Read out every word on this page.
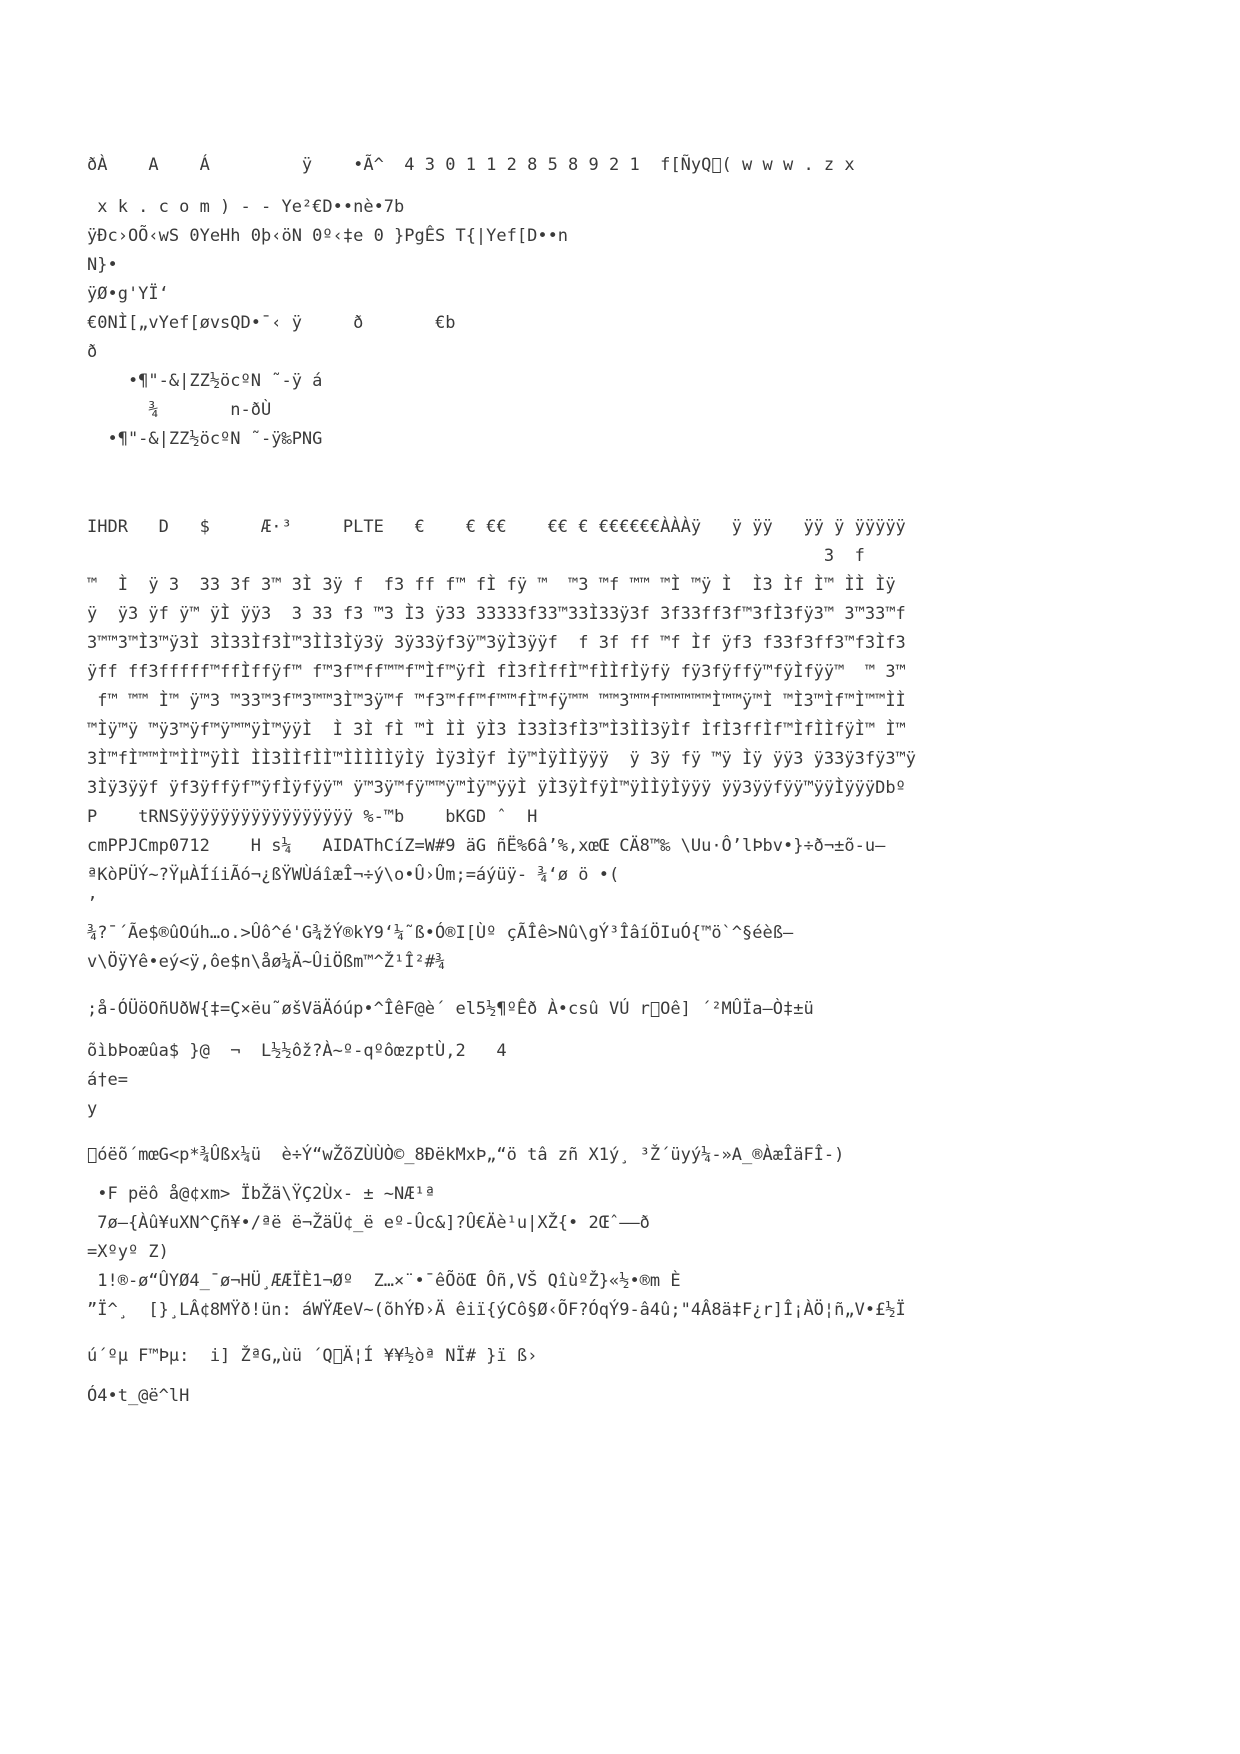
ðÀ    A    Á         ÿ    •Ã^  4 3 0 1 1 2 8 5 8 9 2 1  f[ÑyQ ( w w w . z x
x k . c o m ) - - Ye²€D••nè•7b
ÿÐc›OÕ‹wS 0YeHh 0þ‹öN 0º‹‡e 0 }PgÊS T{|Yef[D••n
N}•
ÿØ•g'YÏ‘
€0NÌ[„vYef[øvsQD•¯‹ ÿ     ð       €b
ð
•¶"-&|ZZ½öcºN ˜-ÿ á
¾       n-ðÙ
•¶"-&|ZZ½öcºN ˜-ÿ‰PNG
IHDR   D   $     Æ·³     PLTE   €    € €€    €€ € €€€€€€ÀÀÀÿ   ÿ ÿÿ   ÿÿ ÿ ÿÿÿÿÿ
3  f
™  Ì  ÿ 3  33 3f 3™ 3Ì 3ÿ f  f3 ff f™ fÌ fÿ ™  ™3 ™f ™™ ™Ì ™ÿ Ì  Ì3 Ìf Ì™ ÌÌ Ìÿ
ÿ  ÿ3 ÿf ÿ™ ÿÌ ÿÿ3  3 33 f3 ™3 Ì3 ÿ33 33333f33™33Ì33ÿ3f 3f33ff3f™3fÌ3fÿ3™ 3™33™f
3™™3™Ì3™ÿ3Ì 3Ì33Ìf3Ì™3ÌÌ3Ìÿ3ÿ 3ÿ33ÿf3ÿ™3ÿÌ3ÿÿf  f 3f ff ™f Ìf ÿf3 f33f3ff3™f3Ìf3
ÿff ff3fffff™ffÌffÿf™ f™3f™ff™™f™Ìf™ÿfÌ fÌ3fÌffÌ™fÌÌfÌÿfÿ fÿ3fÿffÿ™fÿÌfÿÿ™  ™ 3™
f™ ™™ Ì™ ÿ™3 ™33™3f™3™™3Ì™3ÿ™f ™f3™ff™f™™fÌ™fÿ™™ ™™3™™f™™™™™Ì™™ÿ™Ì ™Ì3™Ìf™Ì™™ÌÌ
™Ìÿ™ÿ ™ÿ3™ÿf™ÿ™™ÿÌ™ÿÿÌ  Ì 3Ì fÌ ™Ì ÌÌ ÿÌ3 Ì33Ì3fÌ3™Ì3ÌÌ3ÿÌf ÌfÌ3ffÌf™ÌfÌÌfÿÌ™ Ì™
3Ì™fÌ™™Ì™ÌÌ™ÿÌÌ ÌÌ3ÌÌfÌÌ™ÌÌÌÌÌÿÌÿ Ìÿ3Ìÿf Ìÿ™ÌÿÌÌÿÿÿ  ÿ 3ÿ fÿ ™ÿ Ìÿ ÿÿ3 ÿ33ÿ3fÿ3™ÿ
3Ìÿ3ÿÿf ÿf3ÿffÿf™ÿfÌÿfÿÿ™ ÿ™3ÿ™fÿ™™ÿ™Ìÿ™ÿÿÌ ÿÌ3ÿÌfÿÌ™ÿÌÌÿÌÿÿÿ ÿÿ3ÿÿfÿÿ™ÿÿÌÿÿÿDbº
P    tRNSÿÿÿÿÿÿÿÿÿÿÿÿÿÿÿÿÿ %-™b    bKGD ˆ  H
cmPPJCmp0712    H s¼   AIDAThCíZ=W#9 äG ñË%6â’%,xœŒ CÄ8™‰ \Uu·Ô’lÞbv•}÷ð¬±õ-u—
ªKòPÜÝ~?ŸµÀÍíiÃó¬¿ßŸWÙáîæÎ¬÷ý\o•Û›Ûm;=áýüÿ- ¾‘ø ö •(
’
¾?¯´Ãe$®ûOúh…o.>Ûô^é'G¾žÝ®kY9‘¼˜ß•Ó®I[Ùº çÃÎê>Nû\gÝ³ÎâíÖIuÓ{™ö`^§éèß—
v\ÖÿYê•eý<ÿ,ôe$n\åø¼Ä~ÛiÖßm™^Ž¹Î²#¾
;å-ÓÜöOñUðW{‡=Ç×ëu˜øšVäÄóúp•^ÎêF@è´ el5½¶ºÊð À•csû VÚ r Oê] ´²MÛÏa—Ò‡±ü
õìbÞoæûa$ }@  ¬  L½½ôž?À~º-qºôœzptÙ,2   4
á†e=
y
 óëõ´mœG<p*¾Ûßx¼ü  è÷Ý“wŽõZÙÙÒ©_8ÐëkMxÞ„“ö tâ zñ X1ý¸ ³Ž´üyý¼-»A_®ÀæÎäFÎ-)
•F pëô å@¢xm> ÏbŽä\ŸÇ2Ùx- ± ~NÆ¹ª
7ø—{Àû¥uXN^Çñ¥•/ªë ë¬ŽäÜ¢_ë eº-Ûc&]?Û€Äè¹u|XŽ{• 2Œˆ––ð
=Xºyº Z)
1!®-ø“ÛYØ4_¯ø¬HÜ¸ÆÆÏÈ1¬Øº  Z…×¨•¯êÕöŒ Ôñ,VŠ QîùºŽ}«½•®m È
”Ï^¸  [}¸LÂ¢8MŸð!ün: áWŸÆeV~(õhÝÐ›Ä êiï{ýCô§Ø‹ÕF?ÓqÝ9-â4û;"4Â8ä‡F¿r]Î¡ÀÖ¦ñ„V•£½Ï
ú´ºµ F™Þµ:  i] ŽªG„ùü ´Q Ä¦Í ¥¥½òª NÏ# }ï ß›
Ó4•t_@ë^lH
